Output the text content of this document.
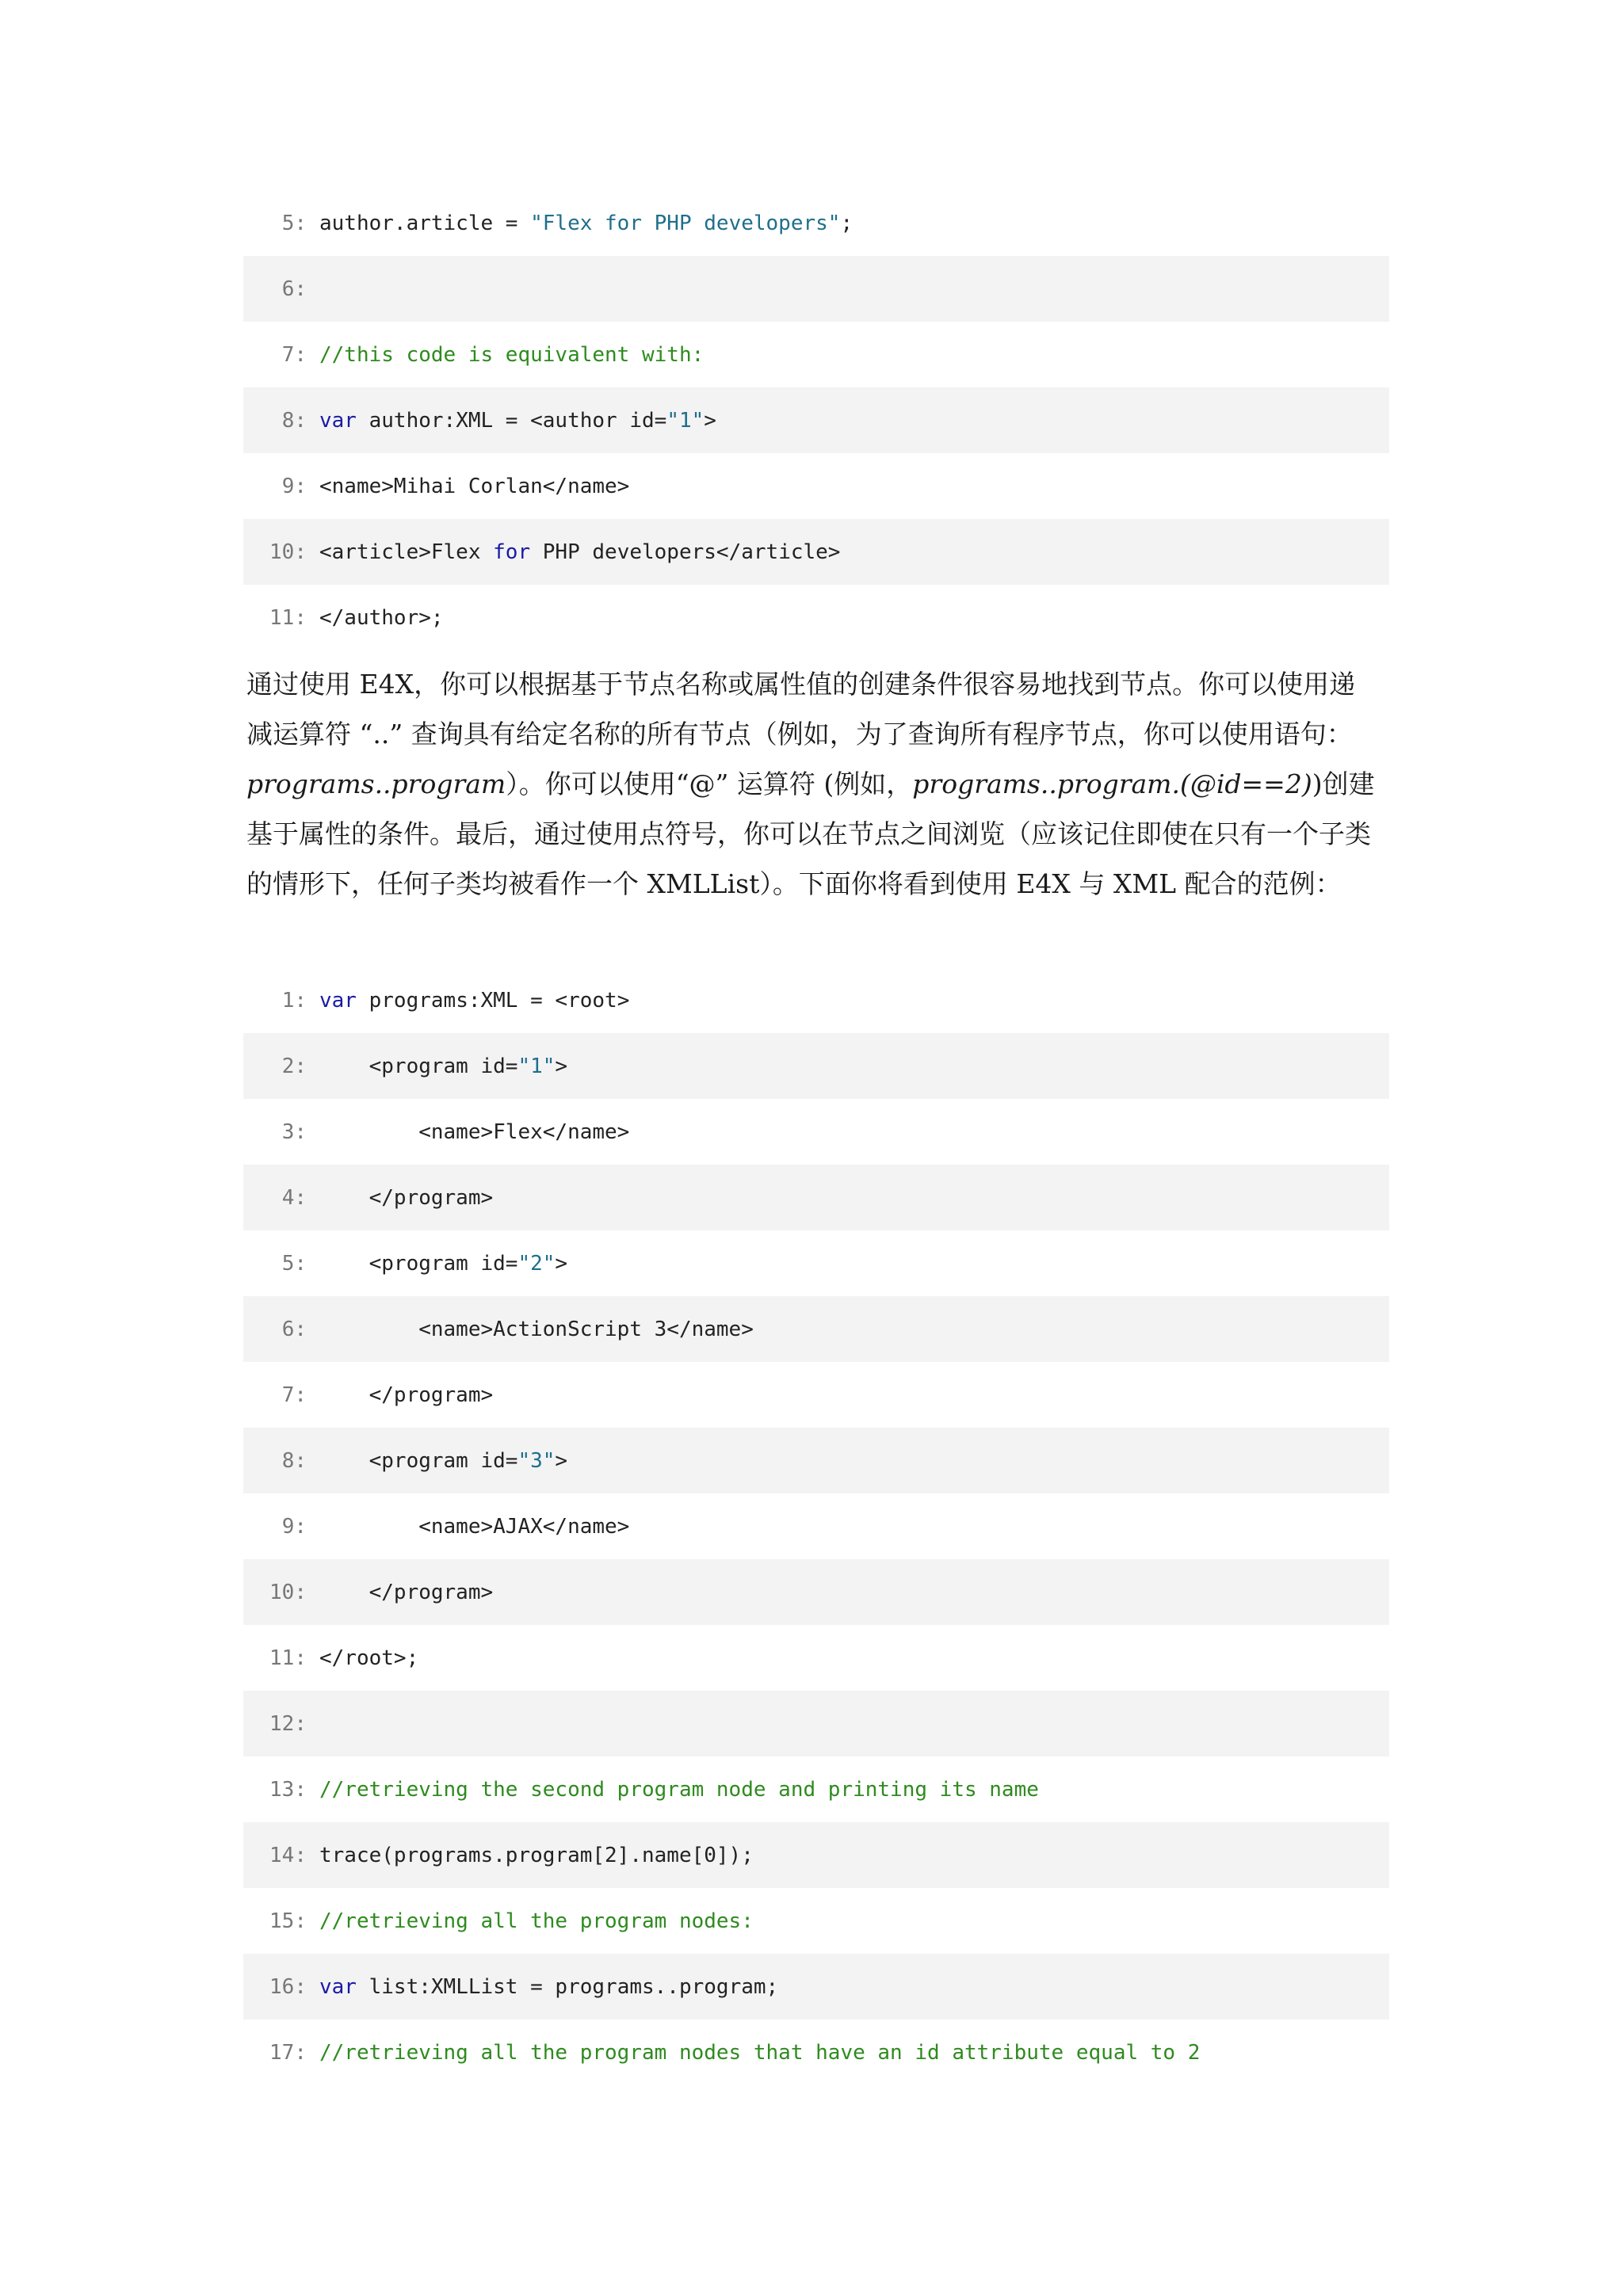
5: author.article = "Flex for PHP developers";
6:
7: //this code is equivalent with:
8: var author:XML = <author id="1">
9: <name>Mihai Corlan</name>
10: <article>Flex for PHP developers</article>
11: </author>;
通过使用 E4X，你可以根据基于节点名称或属性值的创建条件很容易地找到节点。你可以使用递减运算符 “..” 查询具有给定名称的所有节点（例如，为了查询所有程序节点，你可以使用语句：programs..program）。你可以使用“@” 运算符 (例如，programs..program.(@id==2))创建基于属性的条件。最后，通过使用点符号，你可以在节点之间浏览（应该记住即使在只有一个子类的情形下，任何子类均被看作一个 XMLList）。下面你将看到使用 E4X 与 XML 配合的范例：
1: var programs:XML = <root>
2: <program id="1">
3: <name>Flex</name>
4: </program>
5: <program id="2">
6: <name>ActionScript 3</name>
7: </program>
8: <program id="3">
9: <name>AJAX</name>
10: </program>
11: </root>;
12:
13: //retrieving the second program node and printing its name
14: trace(programs.program[2].name[0]);
15: //retrieving all the program nodes:
16: var list:XMLList = programs..program;
17: //retrieving all the program nodes that have an id attribute equal to 2
